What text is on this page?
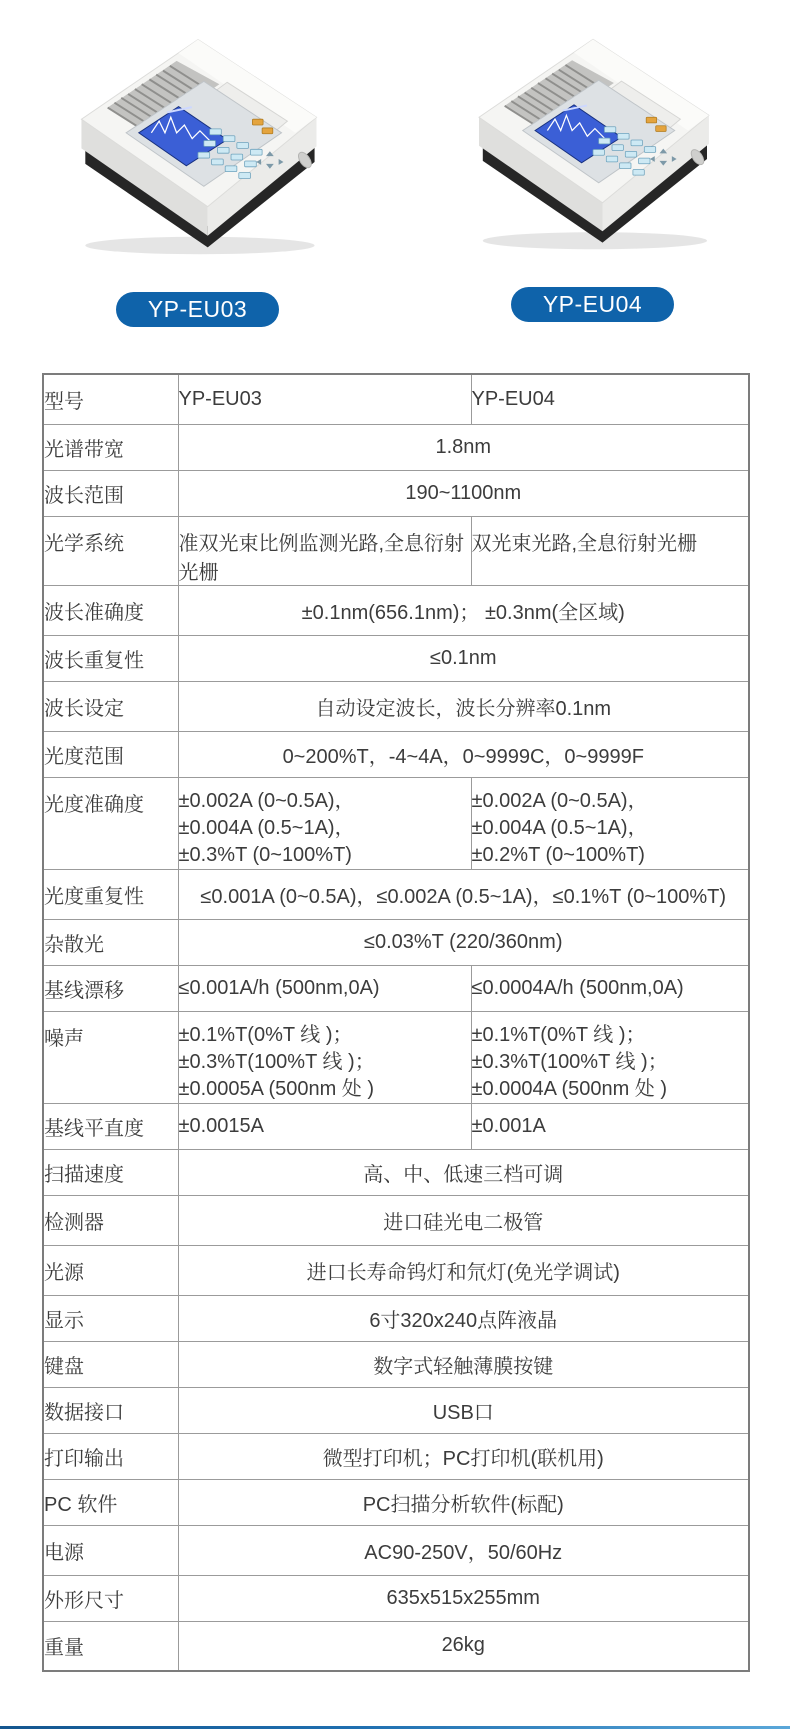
YP-EU03	YP-EU04
型号	YP-EU03	YP-EU04
光谱带宽	1.8nm	
波长范围	190~1100nm	
光学系统	准双光束比例监测光路,全息衍射光栅	双光束光路,全息衍射光栅
波长准确度	±0.1nm(656.1nm)； ±0.3nm(全区域)	
波长重复性	≤0.1nm	
波长设定	自动设定波长，波长分辨率0.1nm	
光度范围	0~200%T，-4~4A，0~9999C，0~9999F	
光度准确度	±0.002A (0~0.5A)，
±0.004A (0.5~1A)，
±0.3%T (0~100%T)	±0.002A (0~0.5A)，
±0.004A (0.5~1A)，
±0.2%T (0~100%T)

光度重复性	≤0.001A (0~0.5A)，≤0.002A (0.5~1A)，≤0.1%T (0~100%T)	
杂散光	≤0.03%T (220/360nm)	
基线漂移	≤0.001A/h (500nm,0A)	≤0.0004A/h (500nm,0A)
噪声	±0.1%T(0%T 线 )；
±0.3%T(100%T 线 )；
±0.0005A (500nm 处 )	±0.1%T(0%T 线 )；
±0.3%T(100%T 线 )；
±0.0004A (500nm 处 )

基线平直度	±0.0015A	±0.001A
扫描速度	高、中、低速三档可调	
检测器	进口硅光电二极管	
光源	进口长寿命钨灯和氘灯(免光学调试)	
显示	6寸320x240点阵液晶	
键盘	数字式轻触薄膜按键	
数据接口	USB口	
打印输出	微型打印机；PC打印机(联机用)	
PC 软件	PC扫描分析软件(标配)	
电源	AC90-250V，50/60Hz	
外形尺寸	635x515x255mm	
重量	26kg	
